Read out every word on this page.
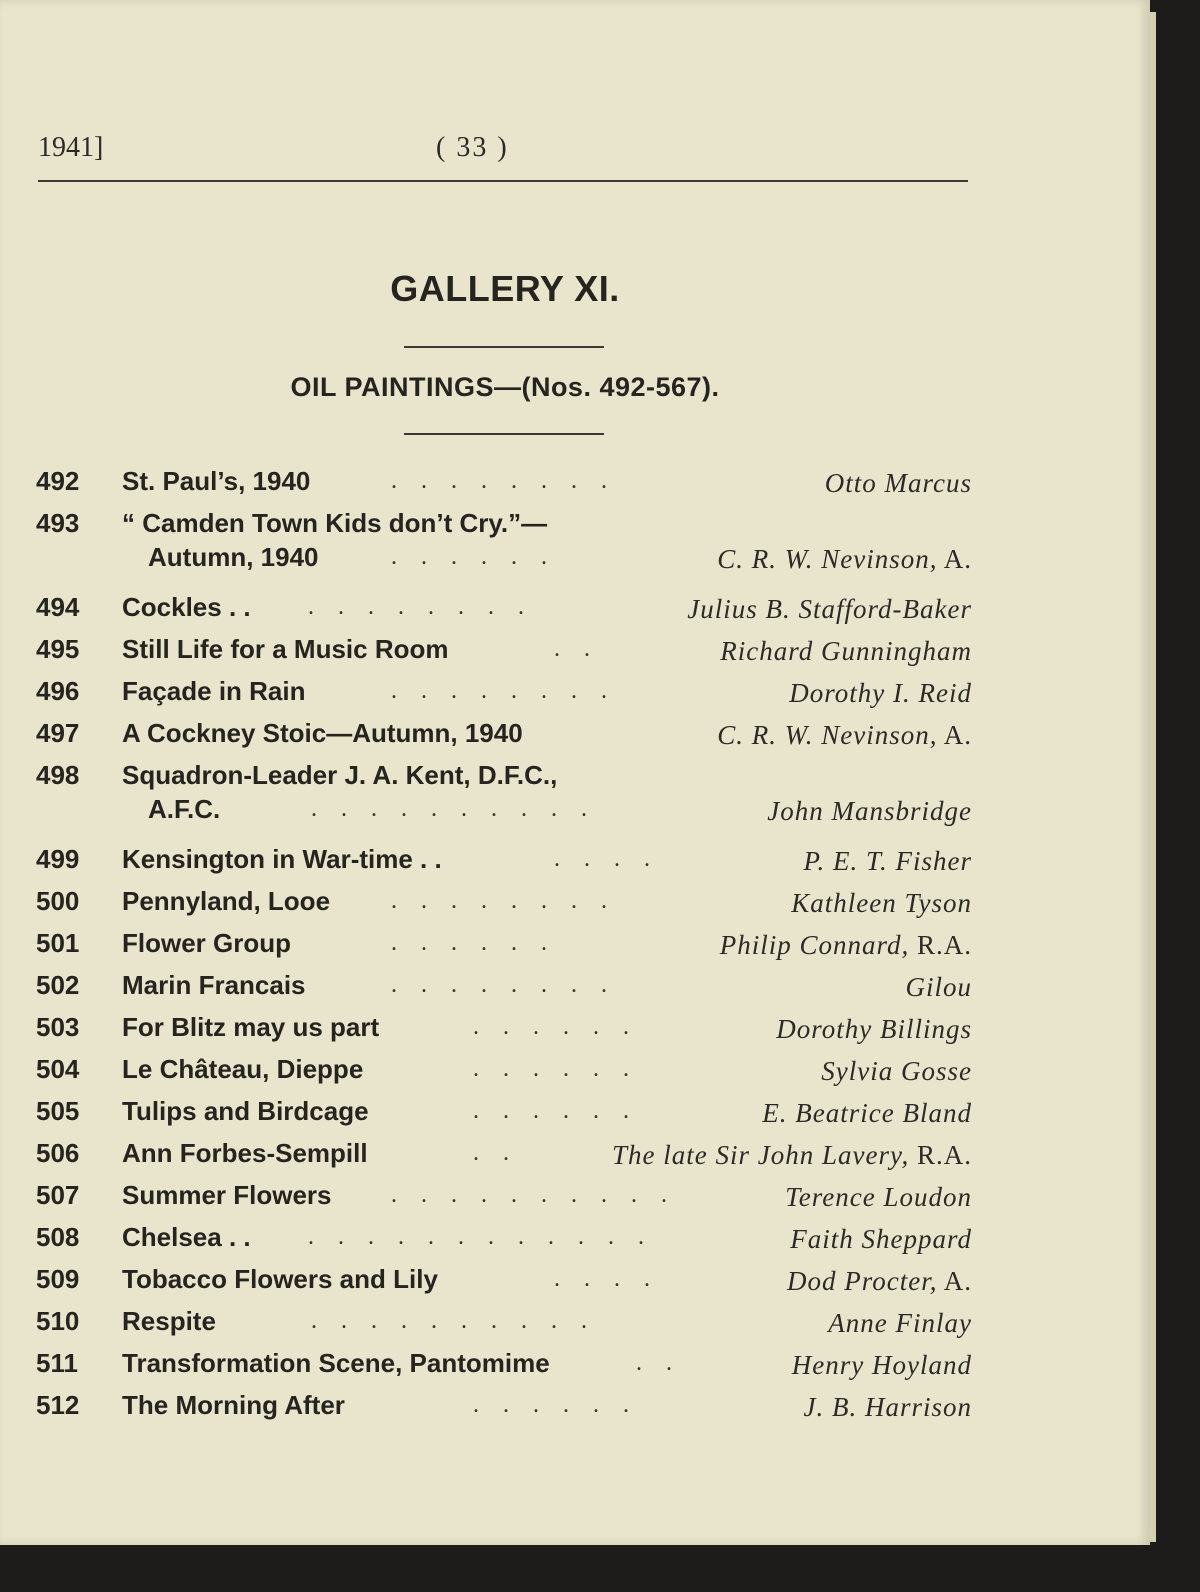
1941]	( 33 )
GALLERY XI.
OIL PAINTINGS—(Nos. 492-567).
492 St. Paul’s, 1940	. . . . . . . .	Otto Marcus
493 “ Camden Town Kids don’t Cry.”—
Autumn, 1940	. . . . . .	C. R. W. Nevinson, A.
494 Cockles . . . . . . . . . .	Julius B. Stafford-Baker
495 Still Life for a Music Room	. .	Richard Gunningham
496 Façade in Rain	. . . . . . . .	Dorothy I. Reid
497 A Cockney Stoic—Autumn, 1940	C. R. W. Nevinson, A.
498 Squadron-Leader J. A. Kent, D.F.C.,
A.F.C.	. . . . . . . . . .	John Mansbridge
499 Kensington in War-time . .	. . . .	P. E. T. Fisher
500 Pennyland, Looe	. . . . . . . .	Kathleen Tyson
501 Flower Group	. . . . . .	Philip Connard, R.A.
502 Marin Francais	. . . . . . . .	Gilou
503 For Blitz may us part	. . . . . .	Dorothy Billings
504 Le Château, Dieppe	. . . . . .	Sylvia Gosse
505 Tulips and Birdcage	. . . . . .	E. Beatrice Bland
506 Ann Forbes-Sempill	. .	The late Sir John Lavery, R.A.
507 Summer Flowers . . . . . . . . . .	Terence Loudon
508 Chelsea . . . . . . . . . . . . . .	Faith Sheppard
509 Tobacco Flowers and Lily	. . . .	Dod Procter, A.
510 Respite	. . . . . . . . . .	Anne Finlay
511 Transformation Scene, Pantomime	. .	Henry Hoyland
512 The Morning After	. . . . . .	J. B. Harrison
